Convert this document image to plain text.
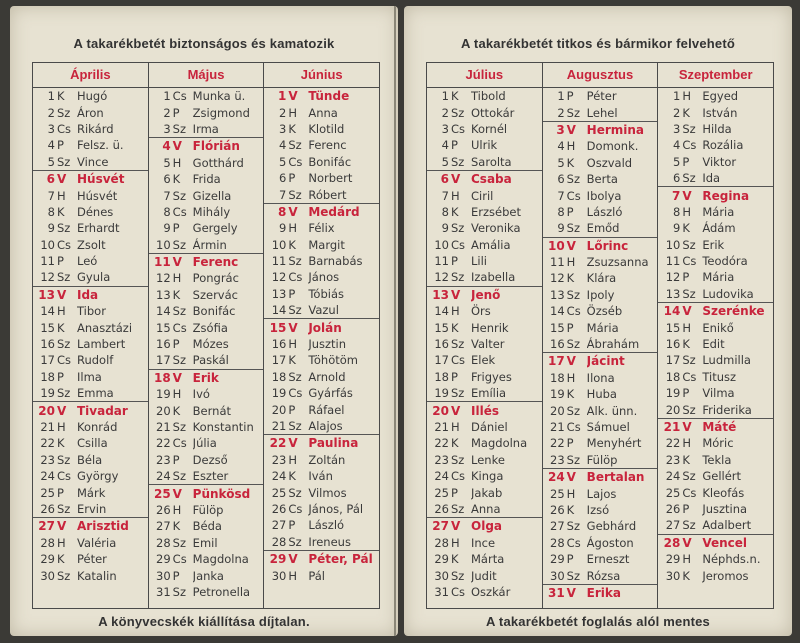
A takarékbetét biztonságos és kamatozik
Április
1 K	Hugó
2 Sz Áron
3 Cs Rikárd
4 P	Felsz. ü.
5 Sz Vince
6 V Húsvét
7 H Húsvét
8 K	Dénes
9 Sz Erhardt
10 Cs Zsolt
11 P	Leó
12 Sz Gyula
13 V Ida
14 H Tibor
15 K	Anasztázi
16 Sz Lambert
17 Cs Rudolf
18 P	Ilma
19 Sz Emma
20 V Tivadar
21 H Konrád
22 K	Csilla
23 Sz Béla
24 Cs György
25 P	Márk
26 Sz Ervin
27 V Arisztid
28 H Valéria
29 K	Péter
30 Sz Katalin
Május
1 Cs Munka ü.
2 P	Zsigmond
3 Sz Irma
4 V Flórián
5 H Gotthárd
6 K	Frida
7 Sz Gizella
8 Cs Mihály
9 P	Gergely
10 Sz Ármin
11 V Ferenc
12 H Pongrác
13 K	Szervác
14 Sz Bonifác
15 Cs Zsófia
16 P	Mózes
17 Sz Paskál
18 V Erik
19 H Ivó
20 K	Bernát
21 Sz Konstantin
22 Cs Júlia
23 P	Dezső
24 Sz Eszter
25 V Pünkösd
26 H Fülöp
27 K	Béda
28 Sz Emil
29 Cs Magdolna
30 P	Janka
31 Sz Petronella
Június
1 V Tünde
2 H Anna
3 K	Klotild
4 Sz Ferenc
5 Cs Bonifác
6 P	Norbert
7 Sz Róbert
8 V Medárd
9 H Félix
10 K	Margit
11 Sz Barnabás
12 Cs János
13 P	Tóbiás
14 Sz Vazul
15 V Jolán
16 H Jusztin
17 K	Töhötöm
18 Sz Arnold
19 Cs Gyárfás
20 P	Ráfael
21 Sz Alajos
22 V Paulina
23 H Zoltán
24 K	Iván
25 Sz Vilmos
26 Cs János, Pál
27 P	László
28 Sz Ireneus
29 V Péter, Pál
30 H Pál
A könyvecskék kiállítása díjtalan.
A takarékbetét titkos és bármikor felvehető
Július
1 K	Tibold
2 Sz Ottokár
3 Cs Kornél
4 P	Ulrik
5 Sz Sarolta
6 V Csaba
7 H Ciril
8 K	Erzsébet
9 Sz Veronika
10 Cs Amália
11 P	Lili
12 Sz Izabella
13 V Jenő
14 H Örs
15 K	Henrik
16 Sz Valter
17 Cs Elek
18 P	Frigyes
19 Sz Emília
20 V Illés
21 H Dániel
22 K	Magdolna
23 Sz Lenke
24 Cs Kinga
25 P	Jakab
26 Sz Anna
27 V Olga
28 H Ince
29 K	Márta
30 Sz Judit
31 Cs Oszkár
Augusztus
1 P	Péter
2 Sz Lehel
3 V Hermina
4 H Domonk.
5 K	Oszvald
6 Sz Berta
7 Cs Ibolya
8 P	László
9 Sz Emőd
10 V Lőrinc
11 H Zsuzsanna
12 K	Klára
13 Sz Ipoly
14 Cs Özséb
15 P	Mária
16 Sz Ábrahám
17 V Jácint
18 H Ilona
19 K	Huba
20 Sz Alk. ünn.
21 Cs Sámuel
22 P	Menyhért
23 Sz Fülöp
24 V Bertalan
25 H Lajos
26 K	Izsó
27 Sz Gebhárd
28 Cs Ágoston
29 P	Erneszt
30 Sz Rózsa
31 V Erika
Szeptember
1 H Egyed
2 K	István
3 Sz Hilda
4 Cs Rozália
5 P	Viktor
6 Sz Ida
7 V Regina
8 H Mária
9 K	Ádám
10 Sz Erik
11 Cs Teodóra
12 P	Mária
13 Sz Ludovika
14 V Szerénke
15 H Enikő
16 K	Edit
17 Sz Ludmilla
18 Cs Titusz
19 P	Vilma
20 Sz Friderika
21 V Máté
22 H Móric
23 K	Tekla
24 Sz Gellért
25 Cs Kleofás
26 P	Jusztina
27 Sz Adalbert
28 V Vencel
29 H Néphds.n.
30 K	Jeromos
A takarékbetét foglalás alól mentes
